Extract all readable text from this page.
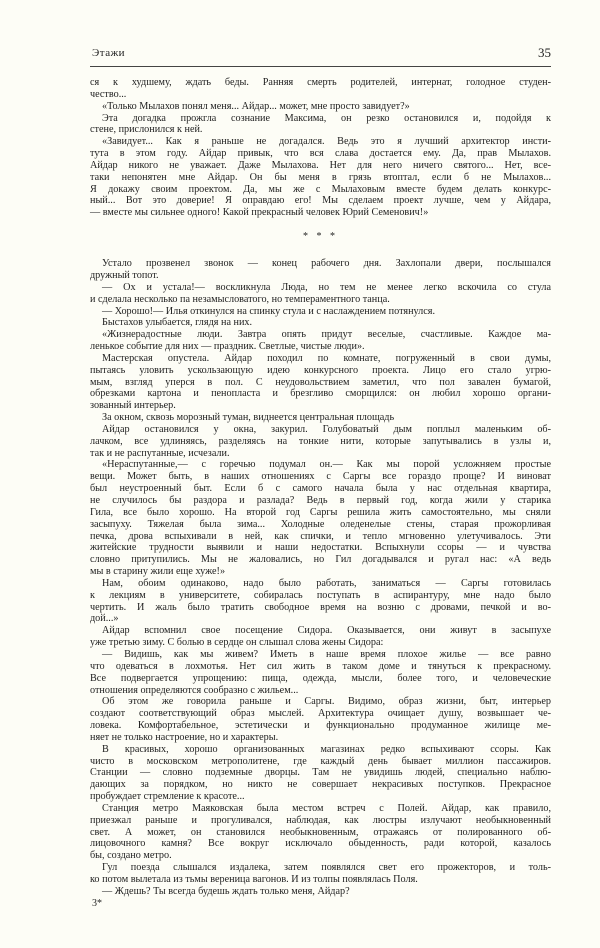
Этажи	35
ся к худшему, ждать беды. Ранняя смерть родителей, интернат, голодное студен-
чество...
«Только Мылахов понял меня... Айдар... может, мне просто завидует?»
Эта догадка прожгла сознание Максима, он резко остановился и, подойдя к
стене, прислонился к ней.
«Завидует... Как я раньше не догадался. Ведь это я лучший архитектор инсти-
тута в этом году. Айдар привык, что вся слава достается ему. Да, прав Мылахов.
Айдар никого не уважает. Даже Мылахова. Нет для него ничего святого... Нет, все-
таки непонятен мне Айдар. Он бы меня в грязь втоптал, если б не Мылахов...
Я докажу своим проектом. Да, мы же с Мылаховым вместе будем делать конкурс-
ный... Вот это доверие! Я оправдаю его! Мы сделаем проект лучше, чем у Айдара,
— вместе мы сильнее одного! Какой прекрасный человек Юрий Семенович!»
* * *
Устало прозвенел звонок — конец рабочего дня. Захлопали двери, послышался
дружный топот.
— Ох и устала!— воскликнула Люда, но тем не менее легко вскочила со стула
и сделала несколько па незамысловатого, но темпераментного танца.
— Хорошо!— Илья откинулся на спинку стула и с наслаждением потянулся.
Быстахов улыбается, глядя на них.
«Жизнерадостные люди. Завтра опять придут веселые, счастливые. Каждое ма-
ленькое событие для них — праздник. Светлые, чистые люди».
Мастерская опустела. Айдар походил по комнате, погруженный в свои думы,
пытаясь уловить ускользающую идею конкурсного проекта. Лицо его стало угрю-
мым, взгляд уперся в пол. С неудовольствием заметил, что пол завален бумагой,
обрезками картона и пенопласта и брезгливо сморщился: он любил хорошо органи-
зованный интерьер.
За окном, сквозь морозный туман, виднеется центральная площадь
Айдар остановился у окна, закурил. Голубоватый дым поплыл маленьким об-
лачком, все удлиняясь, разделяясь на тонкие нити, которые запутывались в узлы и,
так и не распутанные, исчезали.
«Нераспутанные,— с горечью подумал он.— Как мы порой усложняем простые
вещи. Может быть, в наших отношениях с Саргы все гораздо проще? И виноват
был неустроенный быт. Если б с самого начала была у нас отдельная квартира,
не случилось бы раздора и разлада? Ведь в первый год, когда жили у старика
Гила, все было хорошо. На второй год Саргы решила жить самостоятельно, мы сняли
засыпуху. Тяжелая была зима... Холодные оледенелые стены, старая прожорливая
печка, дрова вспыхивали в ней, как спички, и тепло мгновенно улетучивалось. Эти
житейские трудности выявили и наши недостатки. Вспыхнули ссоры — и чувства
словно притупились. Мы не жаловались, но Гил догадывался и ругал нас: «А ведь
мы в старину жили еще хуже!»
Нам, обоим одинаково, надо было работать, заниматься — Саргы готовилась
к лекциям в университете, собиралась поступать в аспирантуру, мне надо было
чертить. И жаль было тратить свободное время на возню с дровами, печкой и во-
дой...»
Айдар вспомнил свое посещение Сидора. Оказывается, они живут в засыпухе
уже третью зиму. С болью в сердце он слышал слова жены Сидора:
— Видишь, как мы живем? Иметь в наше время плохое жилье — все равно
что одеваться в лохмотья. Нет сил жить в таком доме и тянуться к прекрасному.
Все подвергается упрощению: пища, одежда, мысли, более того, и человеческие
отношения определяются сообразно с жильем...
Об этом же говорила раньше и Саргы. Видимо, образ жизни, быт, интерьер
создают соответствующий образ мыслей. Архитектура очищает душу, возвышает че-
ловека. Комфортабельное, эстетически и функционально продуманное жилище ме-
няет не только настроение, но и характеры.
В красивых, хорошо организованных магазинах редко вспыхивают ссоры. Как
чисто в московском метрополитене, где каждый день бывает миллион пассажиров.
Станции — словно подземные дворцы. Там не увидишь людей, специально наблю-
дающих за порядком, но никто не совершает некрасивых поступков. Прекрасное
пробуждает стремление к красоте...
Станция метро Маяковская была местом встреч с Полей. Айдар, как правило,
приезжал раньше и прогуливался, наблюдая, как люстры излучают необыкновенный
свет. А может, он становился необыкновенным, отражаясь от полированного об-
лицовочного камня? Все вокруг исключало обыденность, ради которой, казалось
бы, создано метро.
Гул поезда слышался издалека, затем появлялся свет его прожекторов, и толь-
ко потом вылетала из тьмы вереница вагонов. И из толпы появлялась Поля.
— Ждешь? Ты всегда будешь ждать только меня, Айдар?
3*
